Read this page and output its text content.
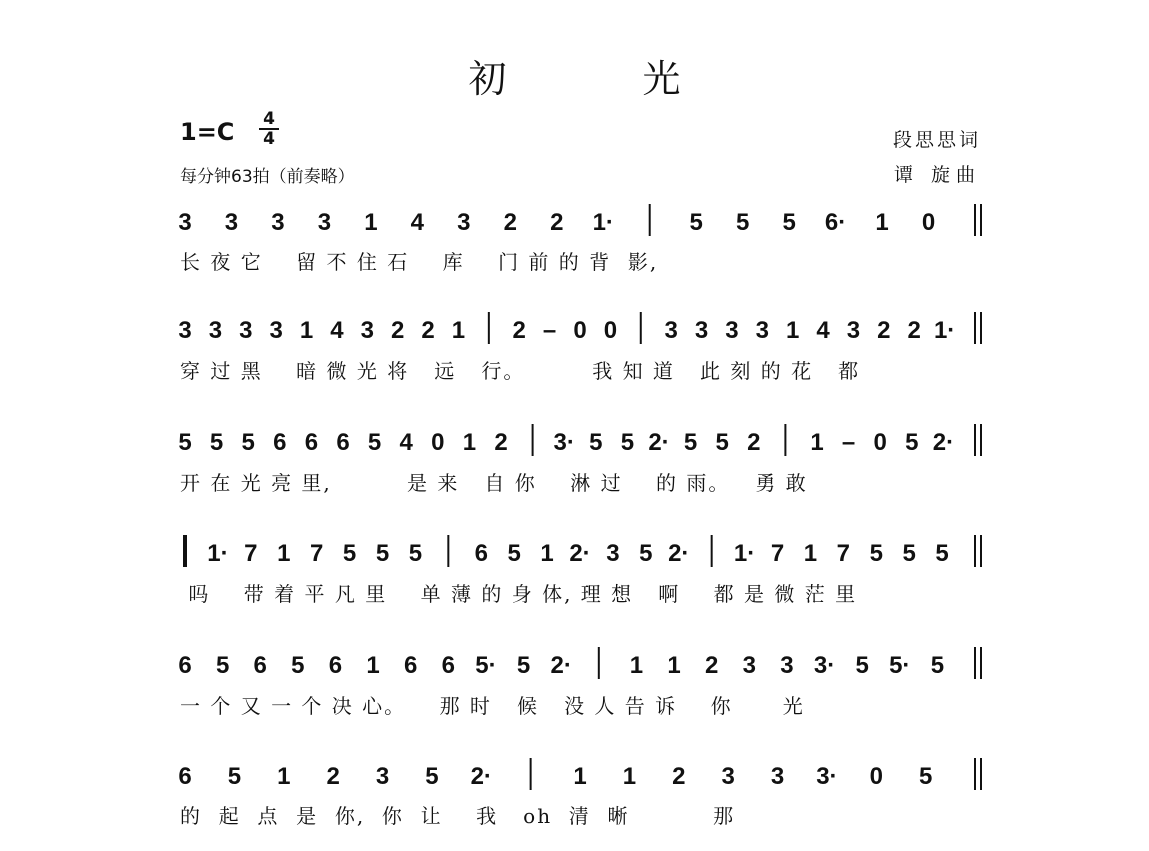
初 光
1=C 4
4
每分钟63拍（前奏略）
段思思词
谭 旋曲
3 3 3 3 1 4 3 2 2 1·	5 5 5 6· 1 0
3 3 3 3 1 4 3 2 2 1 2 – 0 0 3 3 3 3 1 4 3 2 2 1·
5 5 5 6 6 6 5 4 0 1 2 3· 5 5 2· 5 5 2 1 – 0 5 2·
1· 7 1 7 5 5 5 6 5 1 2· 3 5 2· 1· 7 1 7 5 5 5
6 5 6 5 6 1 6 6 5· 5 2· 1 1 2 3 3 3· 5 5· 5
6 5 1 2 3 5 2·	1 1 2 3 3 3· 0 5
长 夜 它    留 不 住 石    库    门 前 的 背  影,
穿 过 黑    暗 微 光 将   远   行。        我 知 道   此 刻 的 花   都
开 在 光 亮 里,         是 来   自 你    淋 过    的 雨。   勇 敢
吗    带 着 平 凡 里    单 薄 的 身 体, 理 想   啊    都 是 微 茫 里
一 个 又 一 个 决 心。    那 时   候   没 人 告 诉    你      光
的  起  点  是  你,  你  让    我   oh  清  晰          那
